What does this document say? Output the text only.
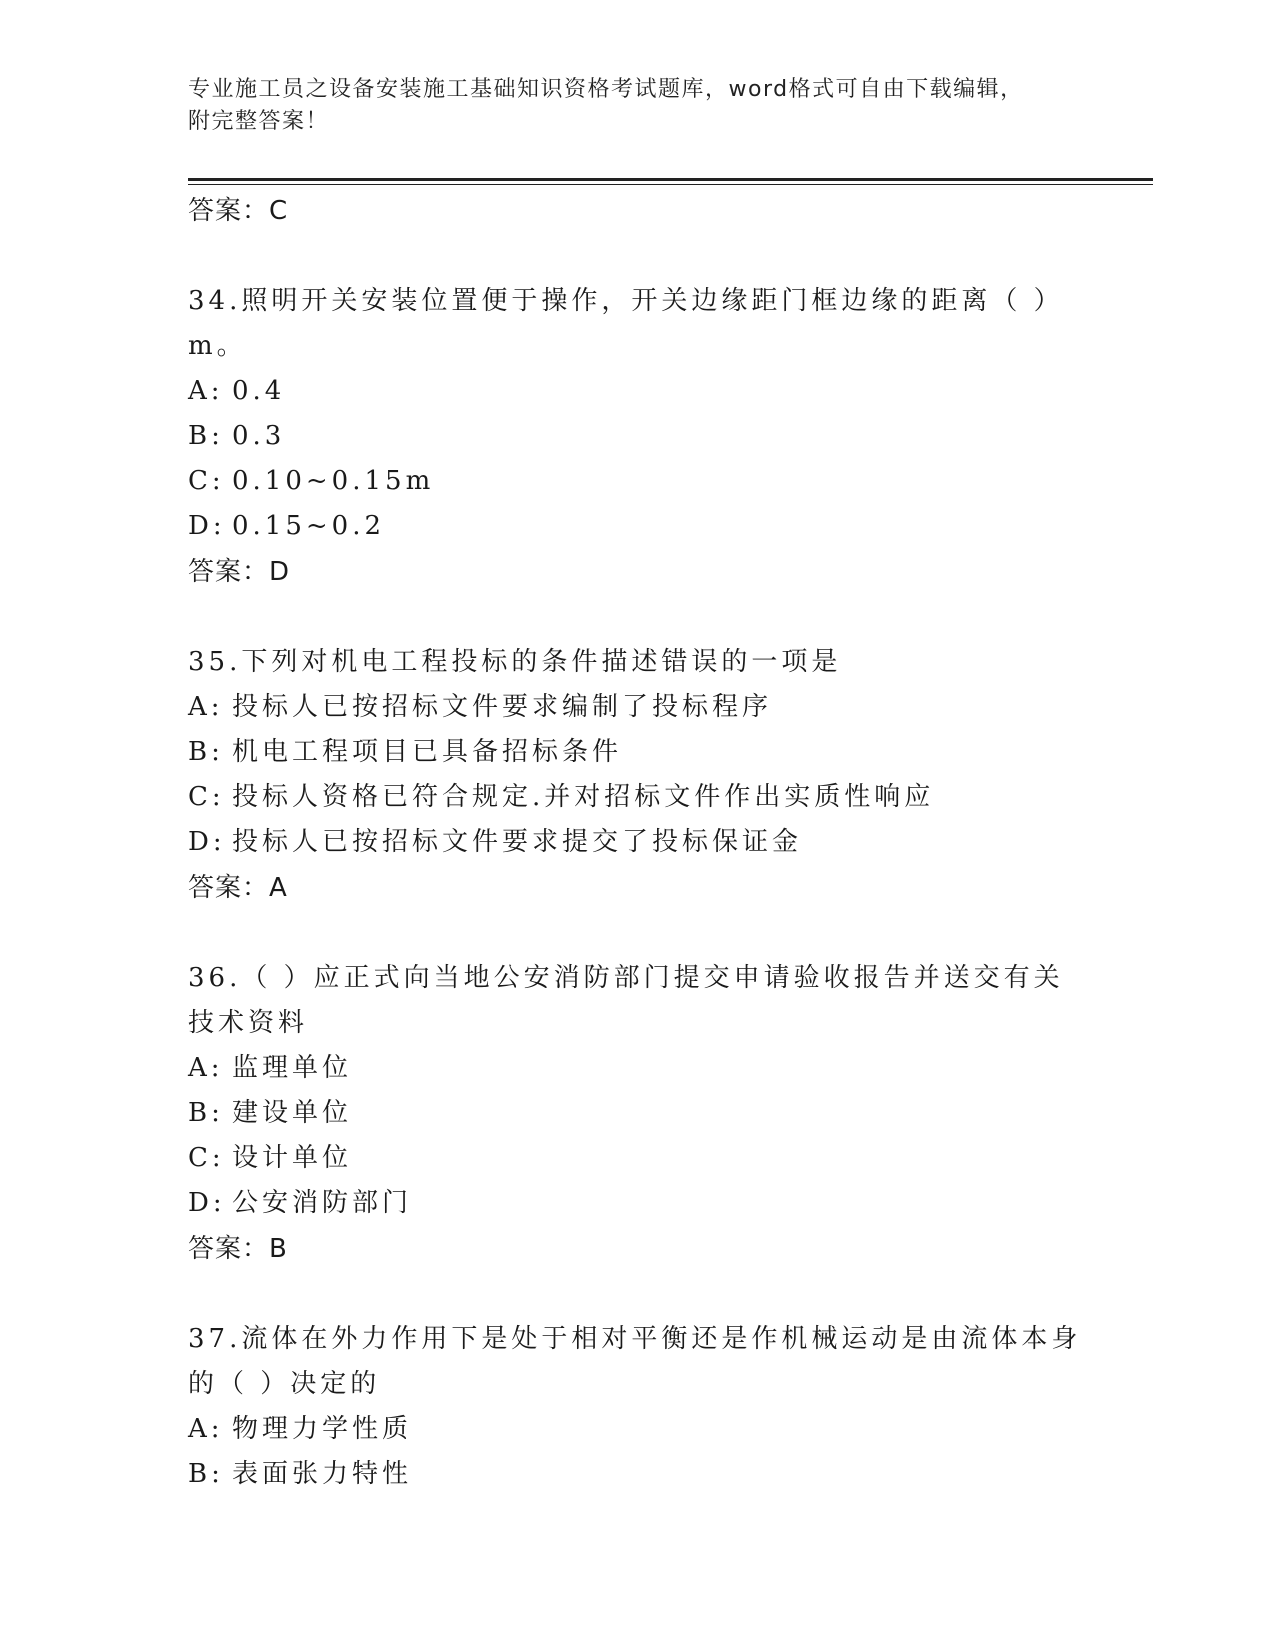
专业施工员之设备安装施工基础知识资格考试题库，word格式可自由下载编辑，
附完整答案！
答案：C
34.照明开关安装位置便于操作，开关边缘距门框边缘的距离（ ）m。
A: 0.4
B: 0.3
C: 0.10~0.15m
D: 0.15~0.2
答案：D
35.下列对机电工程投标的条件描述错误的一项是
A: 投标人已按招标文件要求编制了投标程序
B: 机电工程项目已具备招标条件
C: 投标人资格已符合规定.并对招标文件作出实质性响应
D: 投标人已按招标文件要求提交了投标保证金
答案：A
36.（ ）应正式向当地公安消防部门提交申请验收报告并送交有关技术资料
A: 监理单位
B: 建设单位
C: 设计单位
D: 公安消防部门
答案：B
37.流体在外力作用下是处于相对平衡还是作机械运动是由流体本身的（ ）决定的
A: 物理力学性质
B: 表面张力特性
